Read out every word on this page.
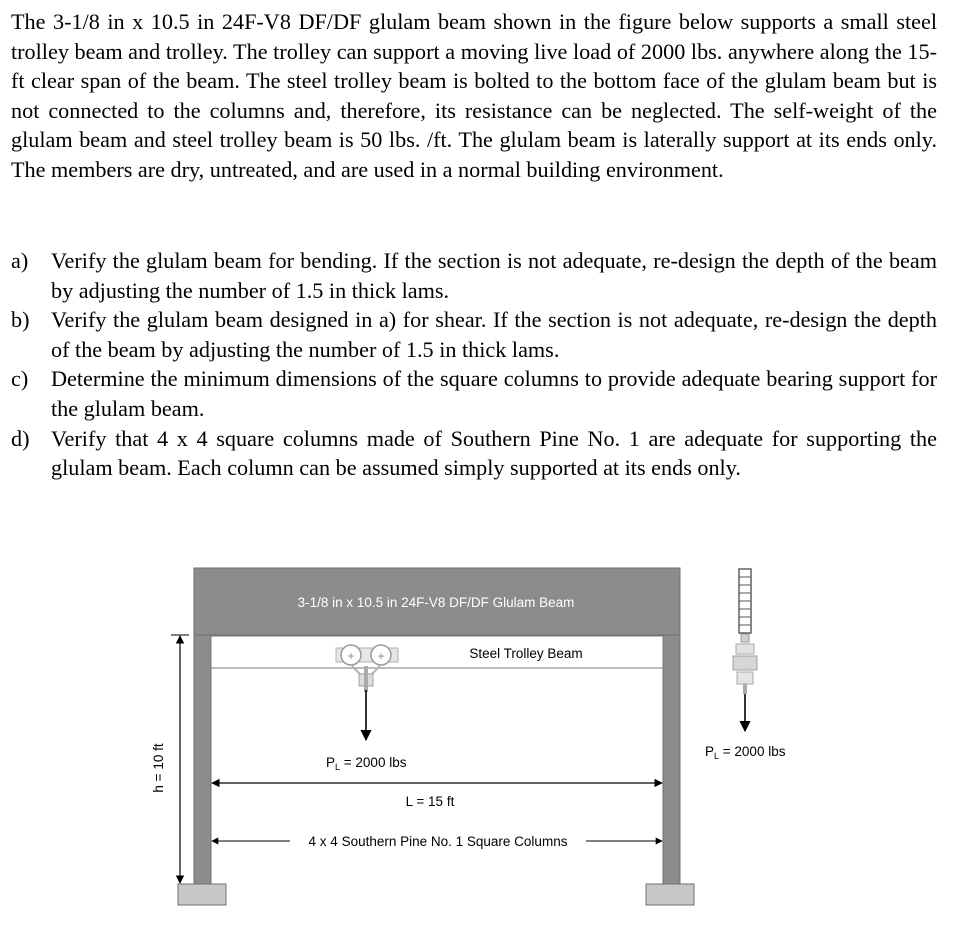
The 3-1/8 in x 10.5 in 24F-V8 DF/DF glulam beam shown in the figure below supports a small steel trolley beam and trolley. The trolley can support a moving live load of 2000 lbs. anywhere along the 15-ft clear span of the beam. The steel trolley beam is bolted to the bottom face of the glulam beam but is not connected to the columns and, therefore, its resistance can be neglected. The self-weight of the glulam beam and steel trolley beam is 50 lbs. /ft. The glulam beam is laterally support at its ends only. The members are dry, untreated, and are used in a normal building environment.

a)	Verify the glulam beam for bending. If the section is not adequate, re-design the depth of the beam by adjusting the number of 1.5 in thick lams.
b) Verify the glulam beam designed in a) for shear. If the section is not adequate, re-design the depth of the beam by adjusting the number of 1.5 in thick lams.
c)	Determine the minimum dimensions of the square columns to provide adequate bearing support for the glulam beam.
d) Verify that 4 x 4 square columns made of Southern Pine No. 1 are adequate for supporting the glulam beam. Each column can be assumed simply supported at its ends only.
3-1/8 in x 10.5 in 24F-V8 DF/DF Glulam Beam
Steel Trolley Beam
+ +
$P_L = 2000$ lbs
L = 15 ft
4 x 4 Southern Pine No. 1 Square Columns
h = 10 ft	$P_L = 2000$ lbs
